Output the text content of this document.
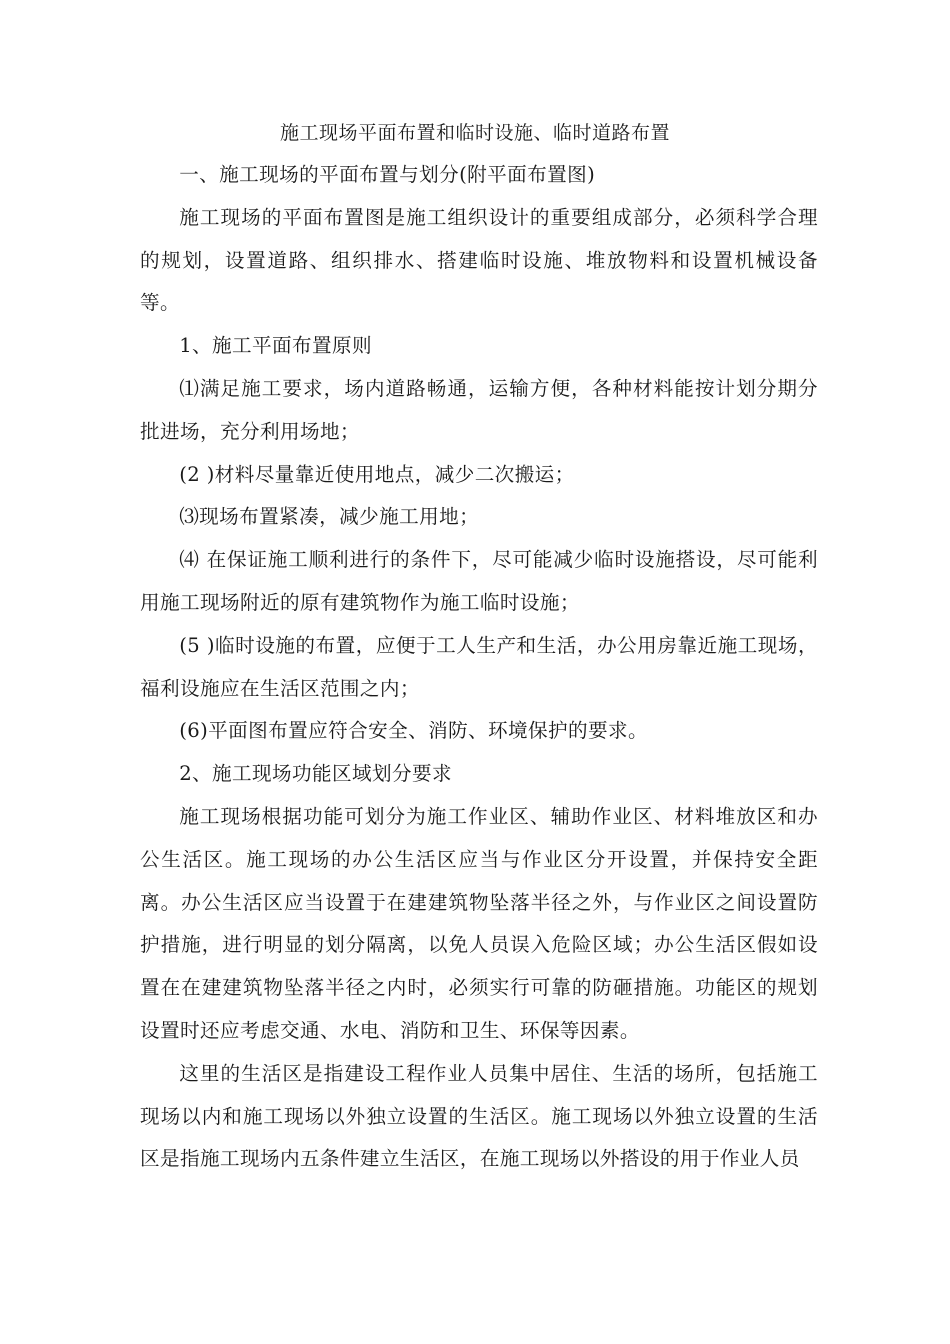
施工现场平面布置和临时设施、临时道路布置

一、施工现场的平面布置与划分(附平面布置图)

施工现场的平面布置图是施工组织设计的重要组成部分，必须科学合理的规划，设置道路、组织排水、搭建临时设施、堆放物料和设置机械设备等。

1、施工平面布置原则

⑴满足施工要求，场内道路畅通，运输方便，各种材料能按计划分期分批进场，充分利用场地；

(2 )材料尽量靠近使用地点，减少二次搬运；

⑶现场布置紧凑，减少施工用地；

⑷ 在保证施工顺利进行的条件下，尽可能减少临时设施搭设，尽可能利用施工现场附近的原有建筑物作为施工临时设施；

(5 )临时设施的布置，应便于工人生产和生活，办公用房靠近施工现场，福利设施应在生活区范围之内；

(6)平面图布置应符合安全、消防、环境保护的要求。

2、施工现场功能区域划分要求

施工现场根据功能可划分为施工作业区、辅助作业区、材料堆放区和办公生活区。施工现场的办公生活区应当与作业区分开设置，并保持安全距离。办公生活区应当设置于在建建筑物坠落半径之外，与作业区之间设置防护措施，进行明显的划分隔离，以免人员误入危险区域；办公生活区假如设置在在建建筑物坠落半径之内时，必须实行可靠的防砸措施。功能区的规划设置时还应考虑交通、水电、消防和卫生、环保等因素。

这里的生活区是指建设工程作业人员集中居住、生活的场所，包括施工现场以内和施工现场以外独立设置的生活区。施工现场以外独立设置的生活区是指施工现场内五条件建立生活区，在施工现场以外搭设的用于作业人员
